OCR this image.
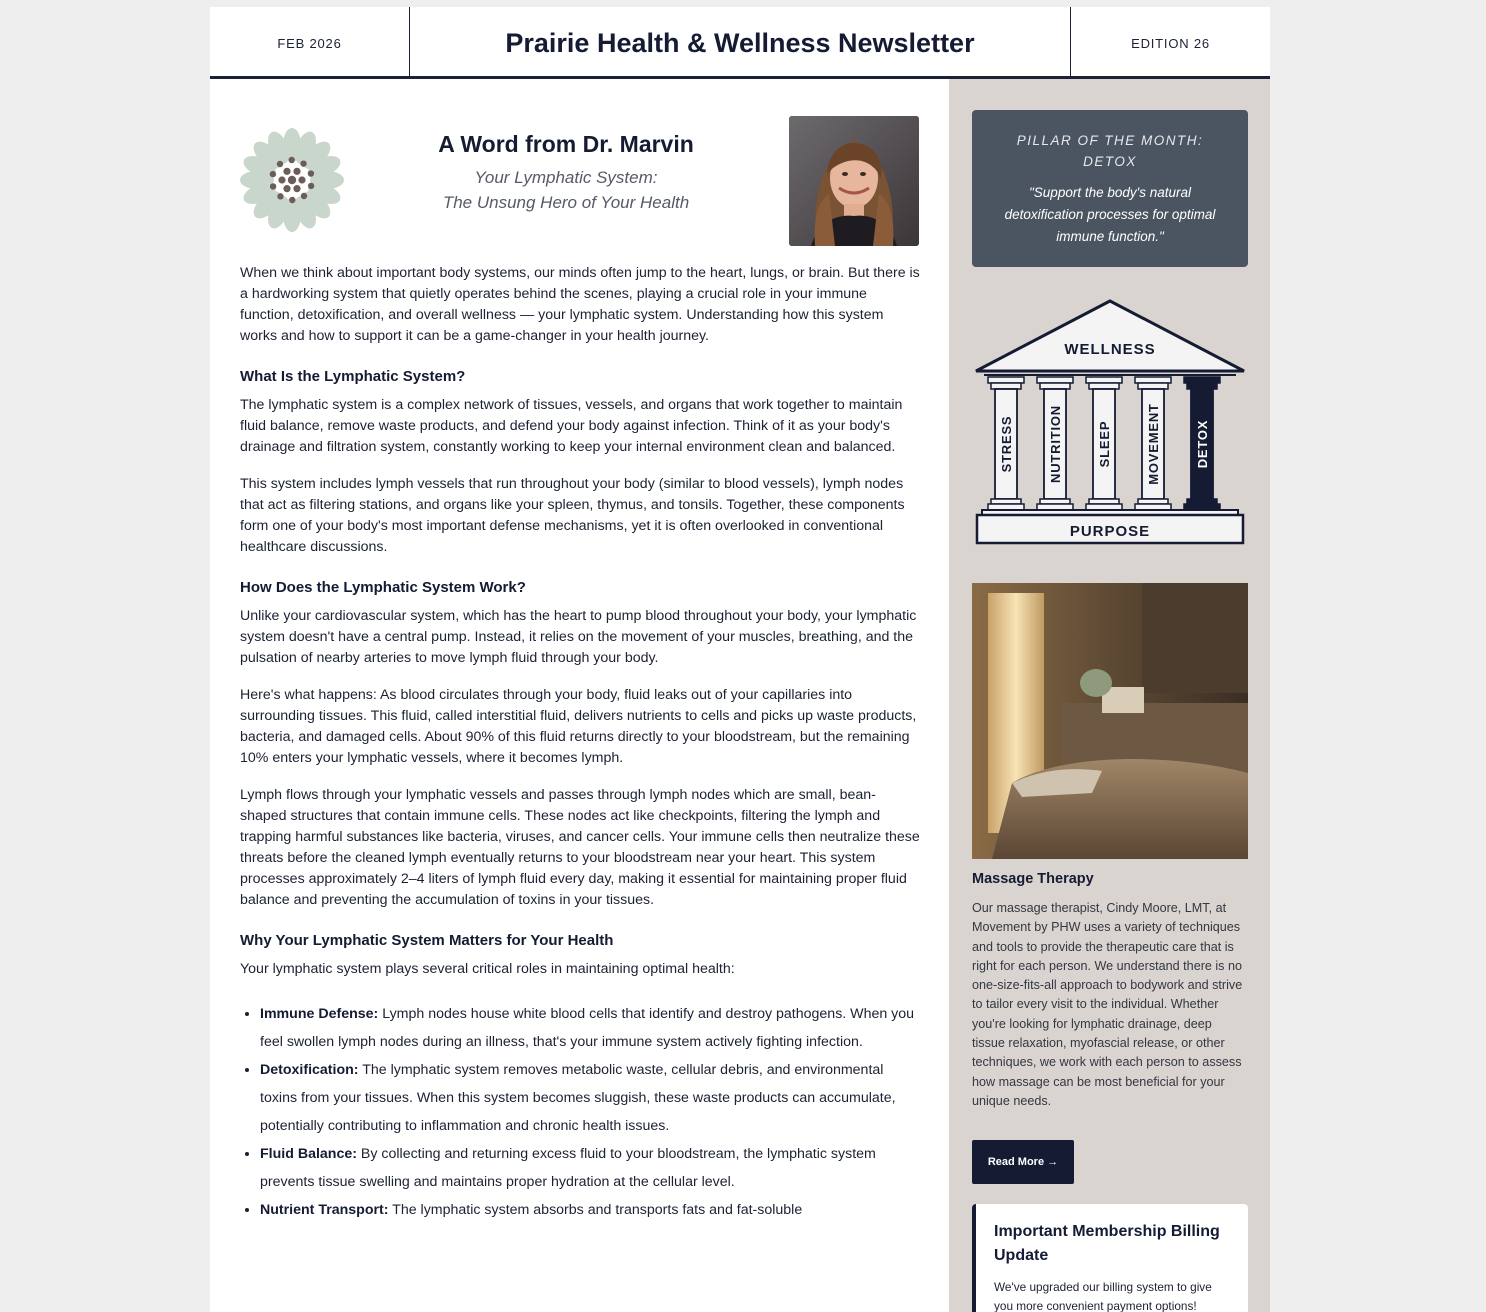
FEB 2026	Prairie Health & Wellness Newsletter	EDITION 26
A Word from Dr. Marvin
Your Lymphatic System:
The Unsung Hero of Your Health

When we think about important body systems, our minds often jump to the heart, lungs, or brain. But there is a hardworking system that quietly operates behind the scenes, playing a crucial role in your immune function, detoxification, and overall wellness — your lymphatic system. Understanding how this system works and how to support it can be a game-changer in your health journey.

What Is the Lymphatic System?

The lymphatic system is a complex network of tissues, vessels, and organs that work together to maintain fluid balance, remove waste products, and defend your body against infection. Think of it as your body's drainage and filtration system, constantly working to keep your internal environment clean and balanced.

This system includes lymph vessels that run throughout your body (similar to blood vessels), lymph nodes that act as filtering stations, and organs like your spleen, thymus, and tonsils. Together, these components form one of your body's most important defense mechanisms, yet it is often overlooked in conventional healthcare discussions.

How Does the Lymphatic System Work?

Unlike your cardiovascular system, which has the heart to pump blood throughout your body, your lymphatic system doesn't have a central pump. Instead, it relies on the movement of your muscles, breathing, and the pulsation of nearby arteries to move lymph fluid through your body.

Here's what happens: As blood circulates through your body, fluid leaks out of your capillaries into surrounding tissues. This fluid, called interstitial fluid, delivers nutrients to cells and picks up waste products, bacteria, and damaged cells. About 90% of this fluid returns directly to your bloodstream, but the remaining 10% enters your lymphatic vessels, where it becomes lymph.

Lymph flows through your lymphatic vessels and passes through lymph nodes which are small, bean-shaped structures that contain immune cells. These nodes act like checkpoints, filtering the lymph and trapping harmful substances like bacteria, viruses, and cancer cells. Your immune cells then neutralize these threats before the cleaned lymph eventually returns to your bloodstream near your heart. This system processes approximately 2–4 liters of lymph fluid every day, making it essential for maintaining proper fluid balance and preventing the accumulation of toxins in your tissues.

Why Your Lymphatic System Matters for Your Health

Your lymphatic system plays several critical roles in maintaining optimal health:

• Immune Defense: Lymph nodes house white blood cells that identify and destroy pathogens. When you feel swollen lymph nodes during an illness, that's your immune system actively fighting infection.
• Detoxification: The lymphatic system removes metabolic waste, cellular debris, and environmental toxins from your tissues. When this system becomes sluggish, these waste products can accumulate, potentially contributing to inflammation and chronic health issues.
• Fluid Balance: By collecting and returning excess fluid to your bloodstream, the lymphatic system prevents tissue swelling and maintains proper hydration at the cellular level.
• Nutrient Transport: The lymphatic system absorbs and transports fats and fat-soluble
PILLAR OF THE MONTH:
DETOX
"Support the body's natural detoxification processes for optimal immune function."
WELLNESS
STRESS	NUTRITION	SLEEP	MOVEMENT	DETOX
PURPOSE
Massage Therapy
Our massage therapist, Cindy Moore, LMT, at Movement by PHW uses a variety of techniques and tools to provide the therapeutic care that is right for each person. We understand there is no one-size-fits-all approach to bodywork and strive to tailor every visit to the individual. Whether you're looking for lymphatic drainage, deep tissue relaxation, myofascial release, or other techniques, we work with each person to assess how massage can be most beneficial for your unique needs.
Read More →
Important Membership Billing Update
We've upgraded our billing system to give you more convenient payment options!
